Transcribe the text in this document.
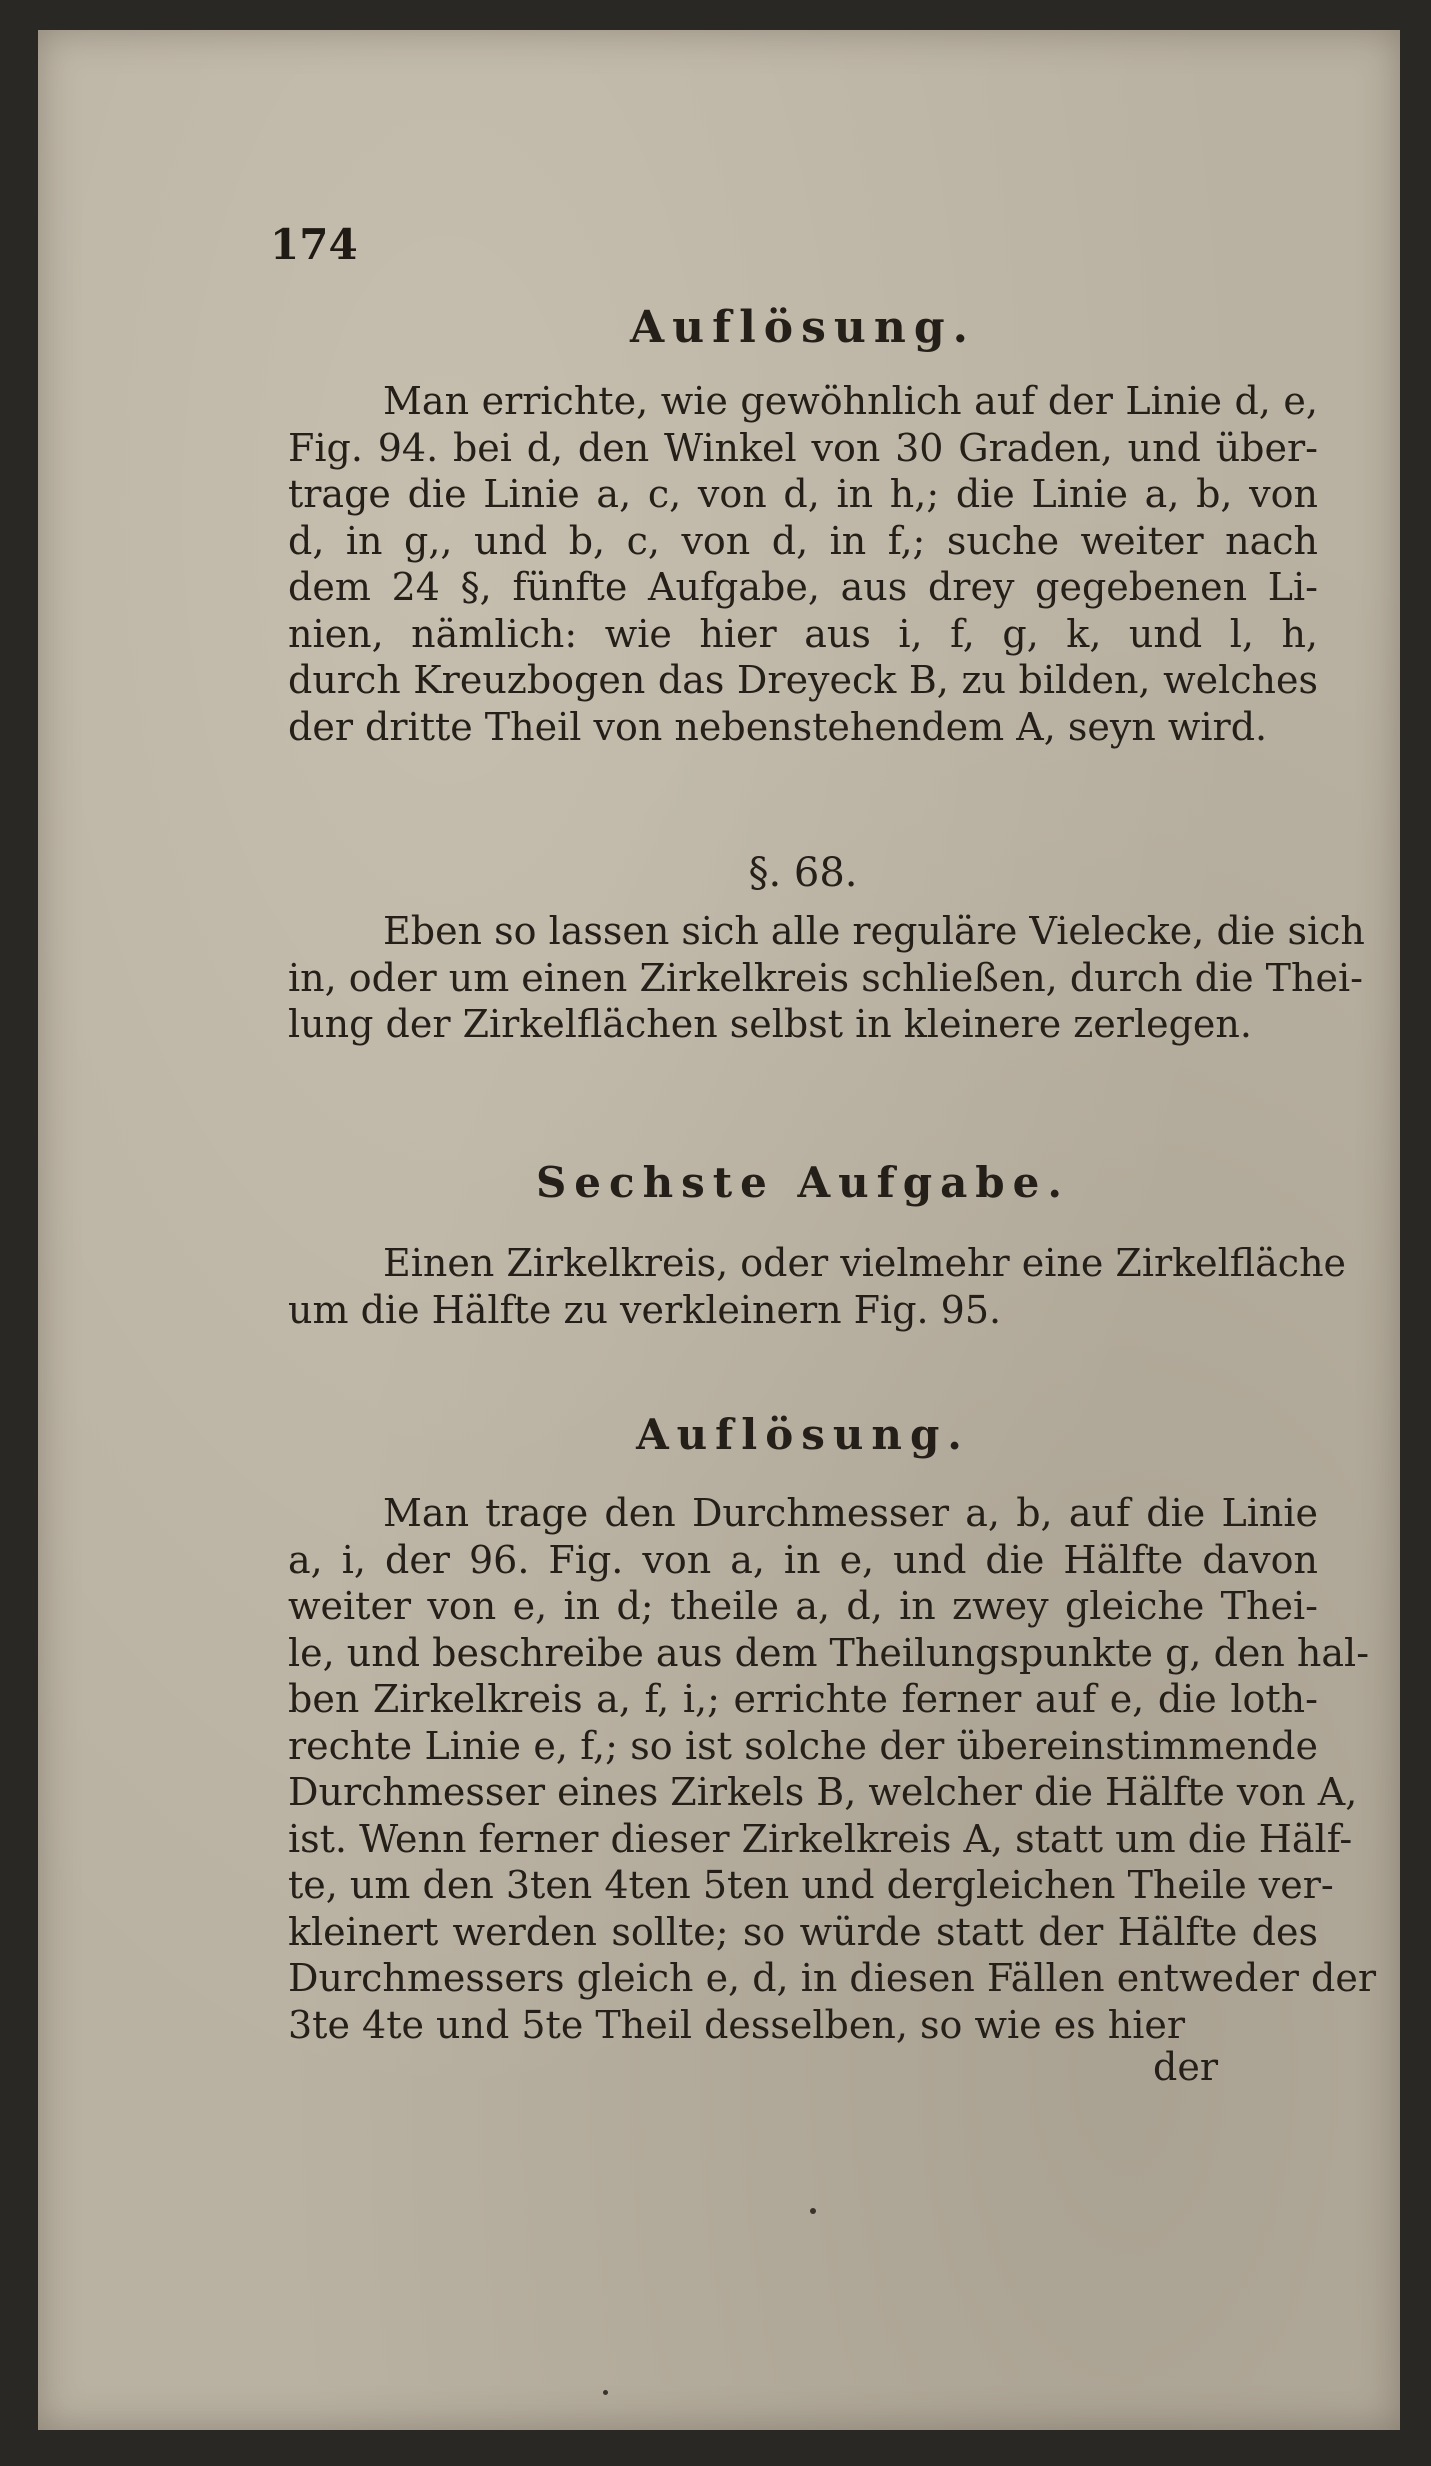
174
Auflösung.
Man errichte, wie gewöhnlich auf der Linie d, e,
Fig. 94. bei d, den Winkel von 30 Graden, und über-
trage die Linie a, c, von d, in h,; die Linie a, b, von
d, in g,, und b, c, von d, in f,; suche weiter nach
dem 24 §, fünfte Aufgabe, aus drey gegebenen Li-
nien, nämlich: wie hier aus i, f, g, k, und l, h,
durch Kreuzbogen das Dreyeck B, zu bilden, welches
der dritte Theil von nebenstehendem A, seyn wird.
§. 68.
Eben so lassen sich alle reguläre Vielecke, die sich
in, oder um einen Zirkelkreis schließen, durch die Thei-
lung der Zirkelflächen selbst in kleinere zerlegen.
Sechste Aufgabe.
Einen Zirkelkreis, oder vielmehr eine Zirkelfläche
um die Hälfte zu verkleinern Fig. 95.
Auflösung.
Man trage den Durchmesser a, b, auf die Linie
a, i, der 96. Fig. von a, in e, und die Hälfte davon
weiter von e, in d; theile a, d, in zwey gleiche Thei-
le, und beschreibe aus dem Theilungspunkte g, den hal-
ben Zirkelkreis a, f, i,; errichte ferner auf e, die loth-
rechte Linie e, f,; so ist solche der übereinstimmende
Durchmesser eines Zirkels B, welcher die Hälfte von A,
ist. Wenn ferner dieser Zirkelkreis A, statt um die Hälf-
te, um den 3ten 4ten 5ten und dergleichen Theile ver-
kleinert werden sollte; so würde statt der Hälfte des
Durchmessers gleich e, d, in diesen Fällen entweder der
3te 4te und 5te Theil desselben, so wie es hier
der
